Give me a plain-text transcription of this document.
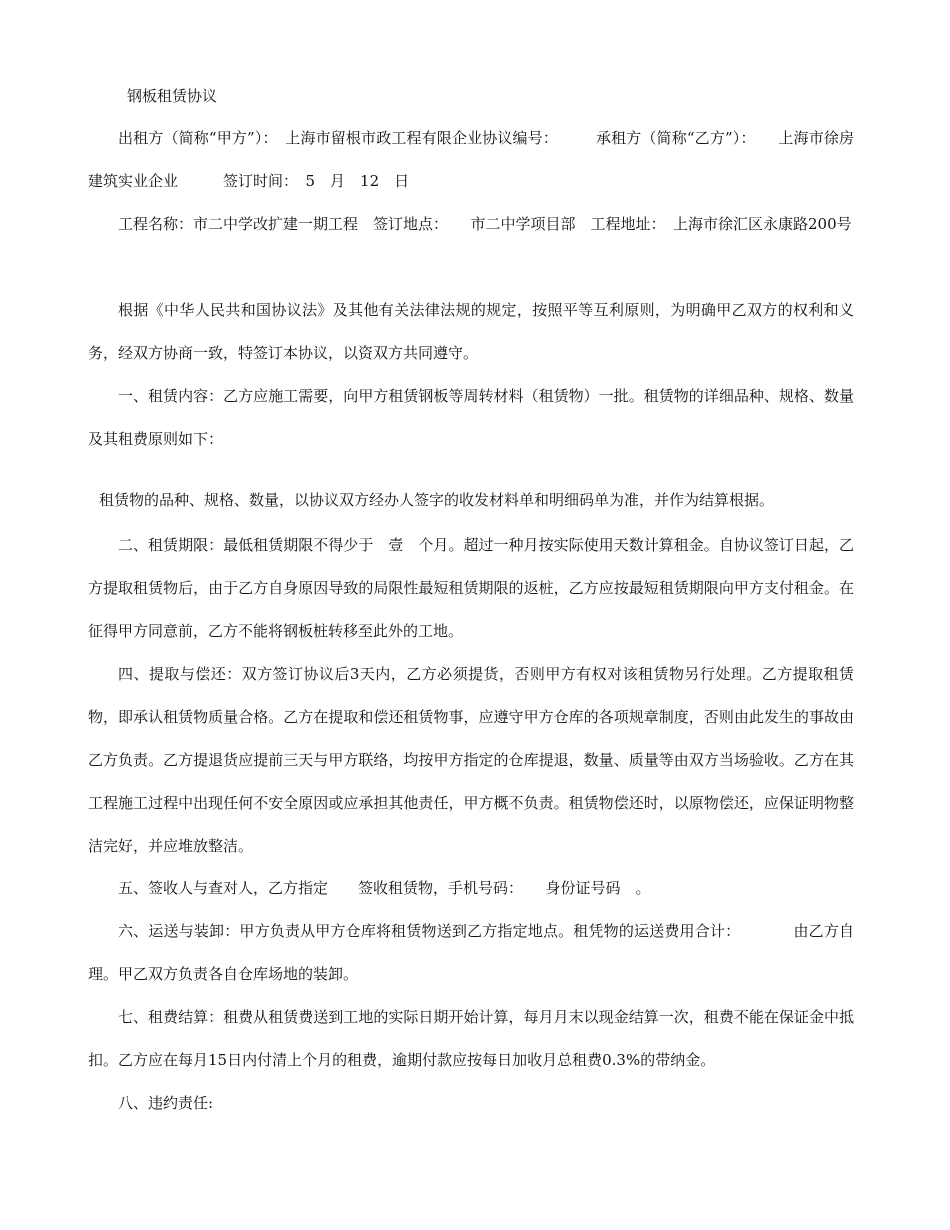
钢板租赁协议

出租方（简称“甲方”）：　上海市留根市政工程有限企业协议编号：　　　承租方（简称“乙方”）：　　上海市徐房建筑实业企业　　　签订时间：　5　月　12　日

工程名称：市二中学改扩建一期工程　签订地点：　　市二中学项目部　工程地址：　上海市徐汇区永康路200号

根据《中华人民共和国协议法》及其他有关法律法规的规定，按照平等互利原则，为明确甲乙双方的权利和义务，经双方协商一致，特签订本协议，以资双方共同遵守。

一、租赁内容：乙方应施工需要，向甲方租赁钢板等周转材料（租赁物）一批。租赁物的详细品种、规格、数量及其租费原则如下：

租赁物的品种、规格、数量，以协议双方经办人签字的收发材料单和明细码单为准，并作为结算根据。

二、租赁期限：最低租赁期限不得少于　壹　个月。超过一种月按实际使用天数计算租金。自协议签订日起，乙方提取租赁物后，由于乙方自身原因导致的局限性最短租赁期限的返桩，乙方应按最短租赁期限向甲方支付租金。在征得甲方同意前，乙方不能将钢板桩转移至此外的工地。

四、提取与偿还：双方签订协议后3天内，乙方必须提货，否则甲方有权对该租赁物另行处理。乙方提取租赁物，即承认租赁物质量合格。乙方在提取和偿还租赁物事，应遵守甲方仓库的各项规章制度，否则由此发生的事故由乙方负责。乙方提退货应提前三天与甲方联络，均按甲方指定的仓库提退，数量、质量等由双方当场验收。乙方在其工程施工过程中出现任何不安全原因或应承担其他责任，甲方概不负责。租赁物偿还时，以原物偿还，应保证明物整洁完好，并应堆放整洁。

五、签收人与查对人，乙方指定　　签收租赁物，手机号码：　　身份证号码　。

六、运送与装卸：甲方负责从甲方仓库将租赁物送到乙方指定地点。租凭物的运送费用合计：　　　　由乙方自理。甲乙双方负责各自仓库场地的装卸。

七、租费结算：租费从租赁费送到工地的实际日期开始计算，每月月末以现金结算一次，租费不能在保证金中抵扣。乙方应在每月15日内付清上个月的租费，逾期付款应按每日加收月总租费0.3%的带纳金。

八、违约责任:
